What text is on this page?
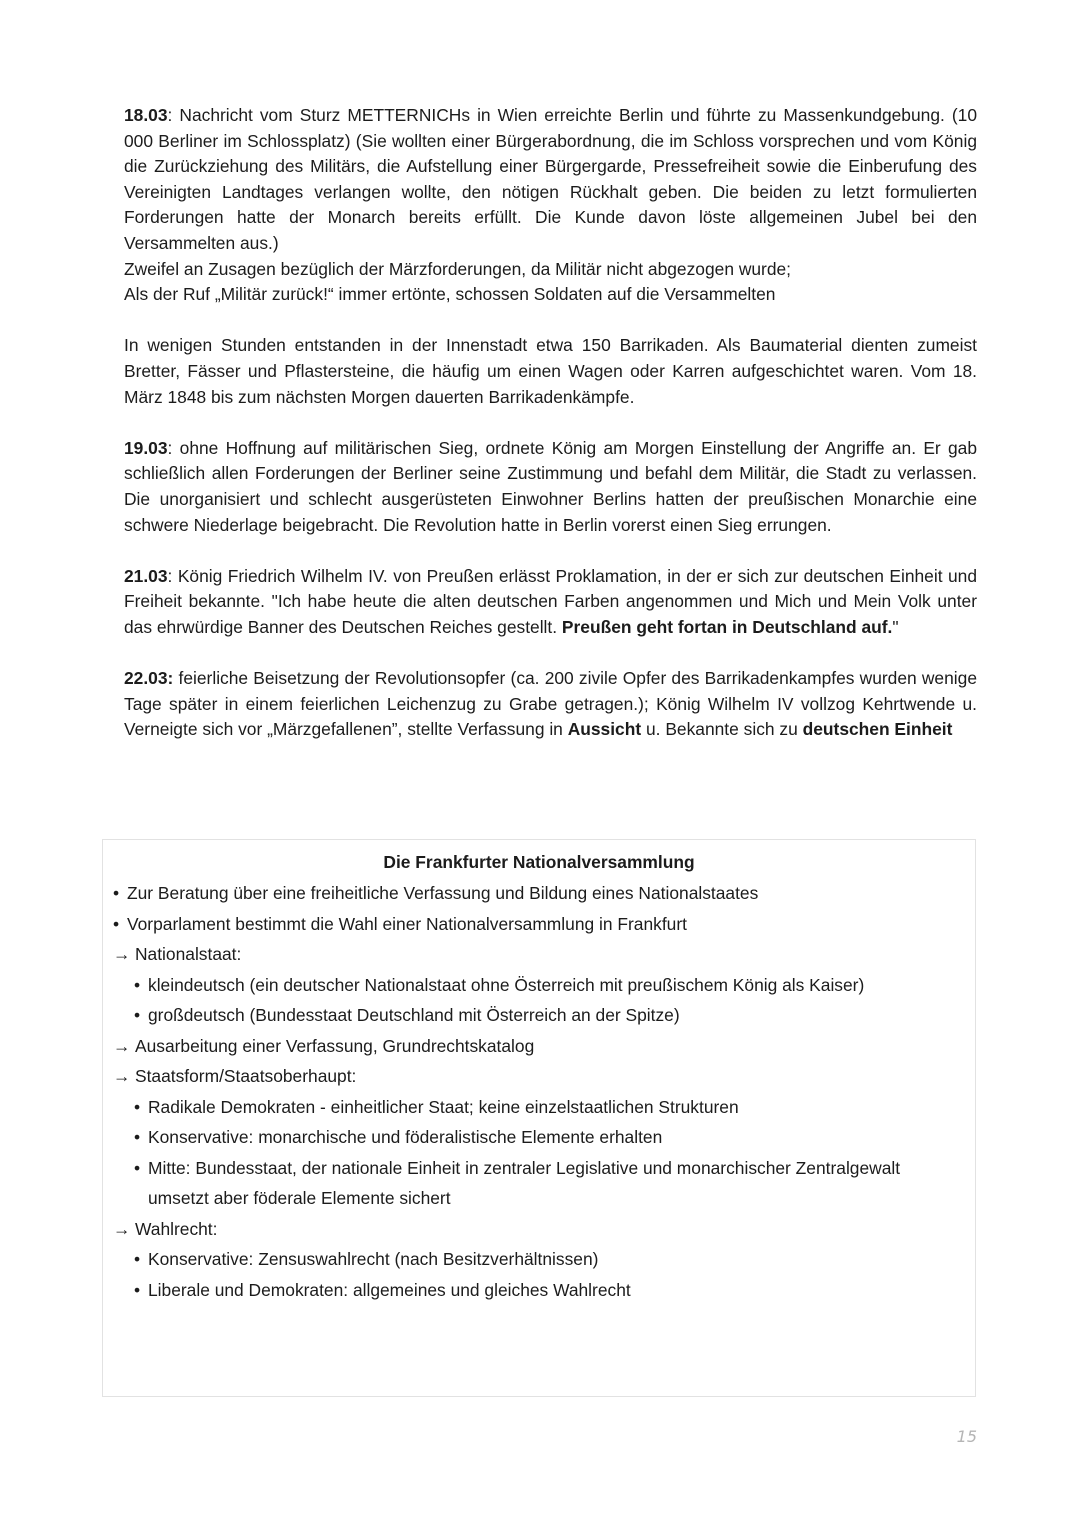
18.03: Nachricht vom Sturz METTERNICHs in Wien erreichte Berlin und führte zu Massenkundgebung. (10 000 Berliner im Schlossplatz) (Sie wollten einer Bürgerabordnung, die im Schloss vorsprechen und vom König die Zurückziehung des Militärs, die Aufstellung einer Bürgergarde, Pressefreiheit sowie die Einberufung des Vereinigten Landtages verlangen wollte, den nötigen Rückhalt geben. Die beiden zu letzt formulierten Forderungen hatte der Monarch bereits erfüllt. Die Kunde davon löste allgemeinen Jubel bei den Versammelten aus.)

Zweifel an Zusagen bezüglich der Märzforderungen, da Militär nicht abgezogen wurde;

Als der Ruf „Militär zurück!“ immer ertönte, schossen Soldaten auf die Versammelten

In wenigen Stunden entstanden in der Innenstadt etwa 150 Barrikaden. Als Baumaterial dienten zumeist Bretter, Fässer und Pflastersteine, die häufig um einen Wagen oder Karren aufgeschichtet waren. Vom 18. März 1848 bis zum nächsten Morgen dauerten Barrikadenkämpfe.

19.03: ohne Hoffnung auf militärischen Sieg, ordnete König am Morgen Einstellung der Angriffe an. Er gab schließlich allen Forderungen der Berliner seine Zustimmung und befahl dem Militär, die Stadt zu verlassen. Die unorganisiert und schlecht ausgerüsteten Einwohner Berlins hatten der preußischen Monarchie eine schwere Niederlage beigebracht. Die Revolution hatte in Berlin vorerst einen Sieg errungen.

21.03: König Friedrich Wilhelm IV. von Preußen erlässt Proklamation, in der er sich zur deutschen Einheit und Freiheit bekannte. "Ich habe heute die alten deutschen Farben angenommen und Mich und Mein Volk unter das ehrwürdige Banner des Deutschen Reiches gestellt. Preußen geht fortan in Deutschland auf."

22.03: feierliche Beisetzung der Revolutionsopfer (ca. 200 zivile Opfer des Barrikadenkampfes wurden wenige Tage später in einem feierlichen Leichenzug zu Grabe getragen.); König Wilhelm IV vollzog Kehrtwende u. Verneigte sich vor „Märzgefallenen”, stellte Verfassung in Aussicht u. Bekannte sich zu deutschen Einheit

Die Frankfurter Nationalversammlung
• Zur Beratung über eine freiheitliche Verfassung und Bildung eines Nationalstaates
• Vorparlament bestimmt die Wahl einer Nationalversammlung in Frankfurt
→ Nationalstaat:
• kleindeutsch (ein deutscher Nationalstaat ohne Österreich mit preußischem König als Kaiser)
• großdeutsch (Bundesstaat Deutschland mit Österreich an der Spitze)
→ Ausarbeitung einer Verfassung, Grundrechtskatalog
→ Staatsform/Staatsoberhaupt:
• Radikale Demokraten - einheitlicher Staat; keine einzelstaatlichen Strukturen
• Konservative: monarchische und föderalistische Elemente erhalten
• Mitte: Bundesstaat, der nationale Einheit in zentraler Legislative und monarchischer Zentralgewalt umsetzt aber föderale Elemente sichert
→ Wahlrecht:
• Konservative: Zensuswahlrecht (nach Besitzverhältnissen)
• Liberale und Demokraten: allgemeines und gleiches Wahlrecht
15
